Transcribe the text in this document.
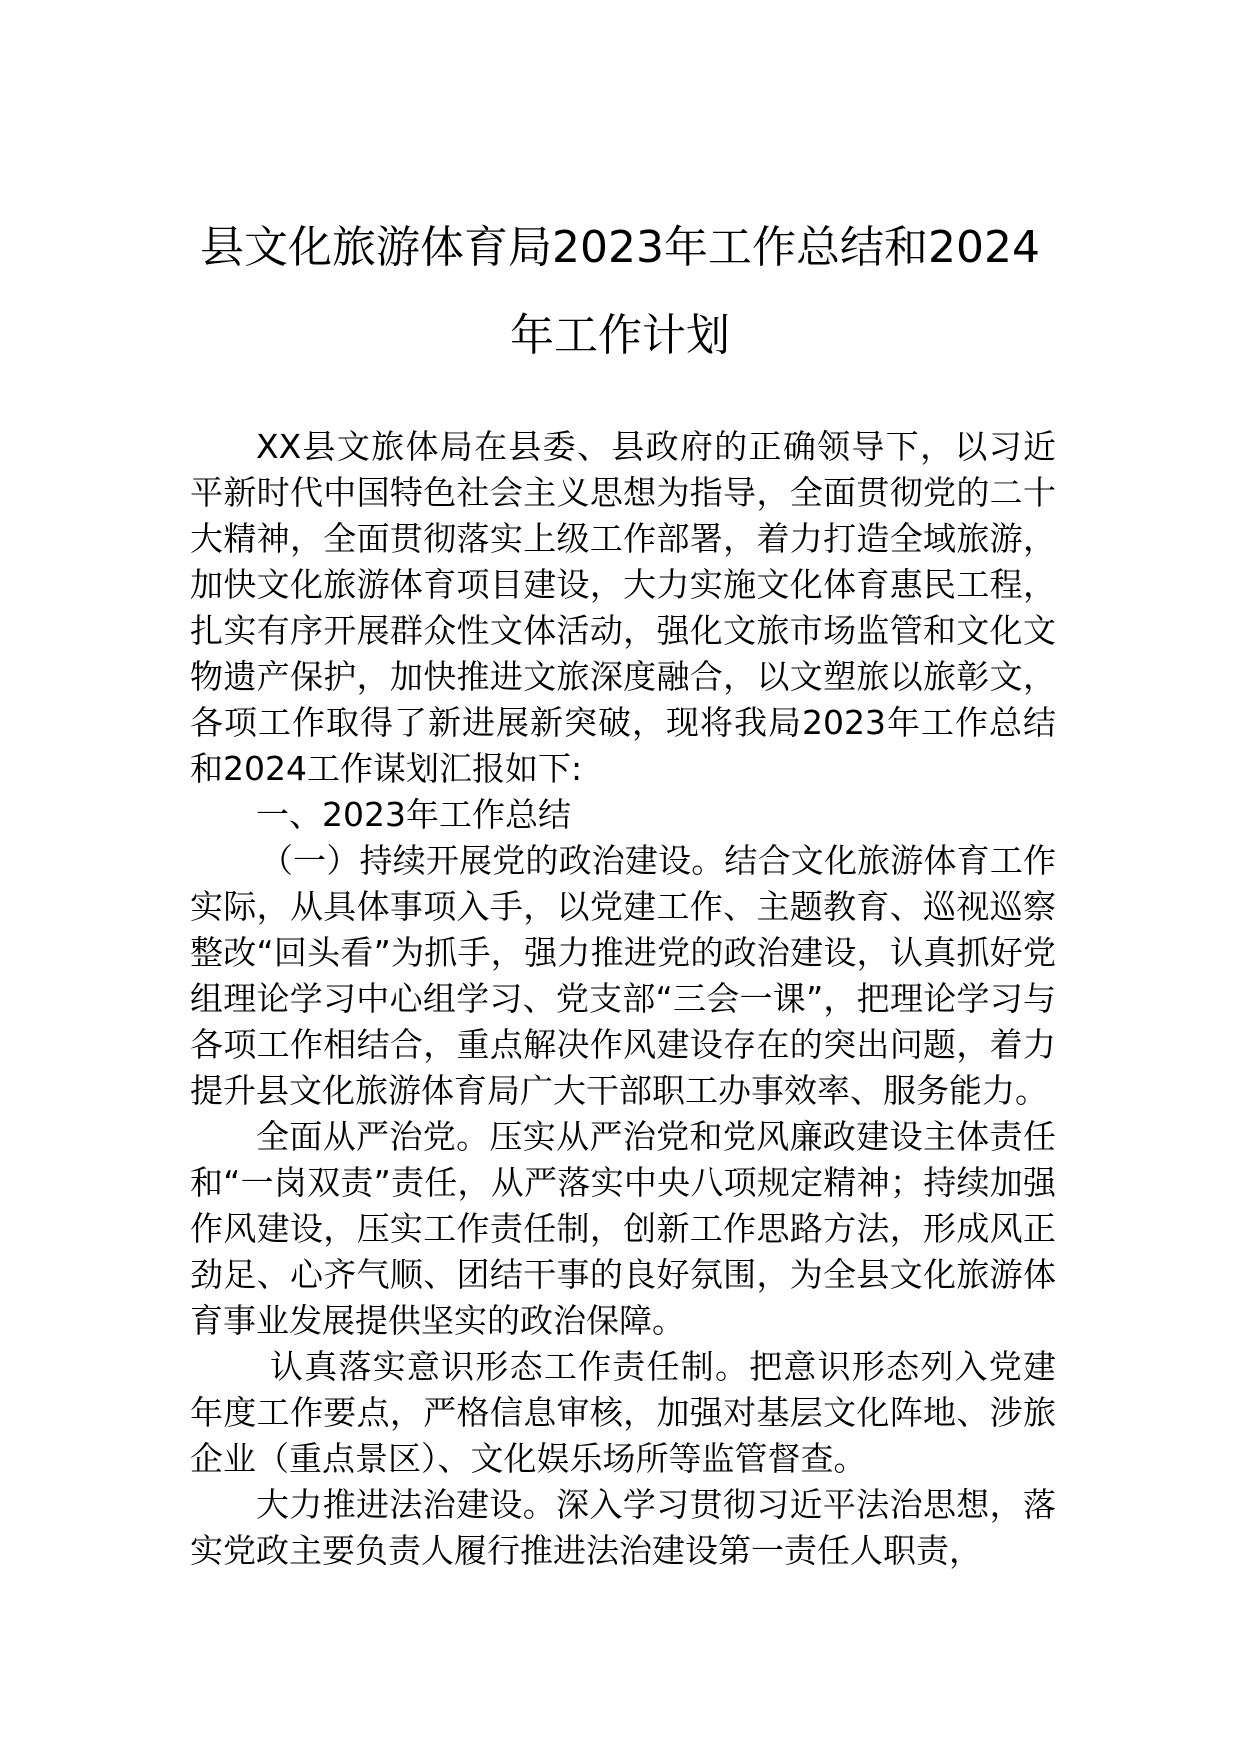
县文化旅游体育局2023年工作总结和2024
年工作计划

XX县文旅体局在县委、县政府的正确领导下，以习近平新时代中国特色社会主义思想为指导，全面贯彻党的二十大精神，全面贯彻落实上级工作部署，着力打造全域旅游，加快文化旅游体育项目建设，大力实施文化体育惠民工程，扎实有序开展群众性文体活动，强化文旅市场监管和文化文物遗产保护，加快推进文旅深度融合，以文塑旅以旅彰文，各项工作取得了新进展新突破，现将我局2023年工作总结和2024工作谋划汇报如下:

一、2023年工作总结

（一）持续开展党的政治建设。结合文化旅游体育工作实际，从具体事项入手，以党建工作、主题教育、巡视巡察整改“回头看”为抓手，强力推进党的政治建设，认真抓好党组理论学习中心组学习、党支部“三会一课”，把理论学习与各项工作相结合，重点解决作风建设存在的突出问题，着力提升县文化旅游体育局广大干部职工办事效率、服务能力。

全面从严治党。压实从严治党和党风廉政建设主体责任和“一岗双责”责任，从严落实中央八项规定精神；持续加强作风建设，压实工作责任制，创新工作思路方法，形成风正劲足、心齐气顺、团结干事的良好氛围，为全县文化旅游体育事业发展提供坚实的政治保障。

认真落实意识形态工作责任制。把意识形态列入党建年度工作要点，严格信息审核，加强对基层文化阵地、涉旅企业（重点景区）、文化娱乐场所等监管督查。

大力推进法治建设。深入学习贯彻习近平法治思想，落实党政主要负责人履行推进法治建设第一责任人职责，
